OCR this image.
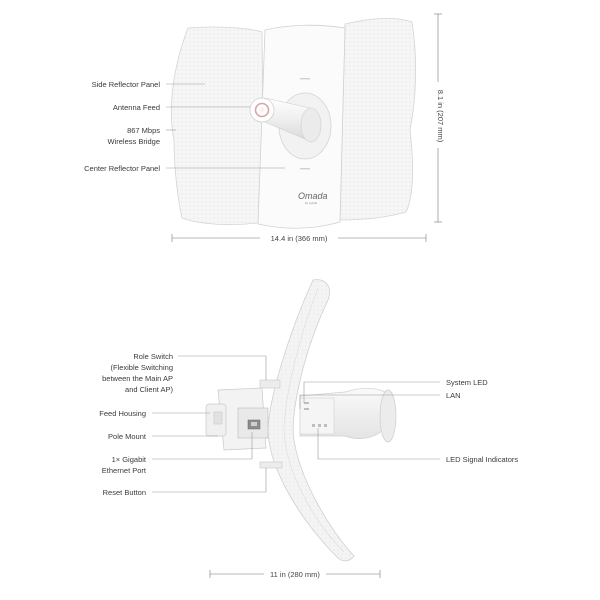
Omada
by tp-link
Side Reflector Panel
Antenna Feed
867 Mbps
Wireless Bridge
Center Reflector Panel
14.4 in (366 mm)
8.1 in (207 mm)
Role Switch
(Flexible Switching
between the Main AP
and Client AP)
Feed Housing
Pole Mount
1× Gigabit
Ethernet Port
Reset Button
System LED
LAN
LED Signal Indicators
11 in (280 mm)
